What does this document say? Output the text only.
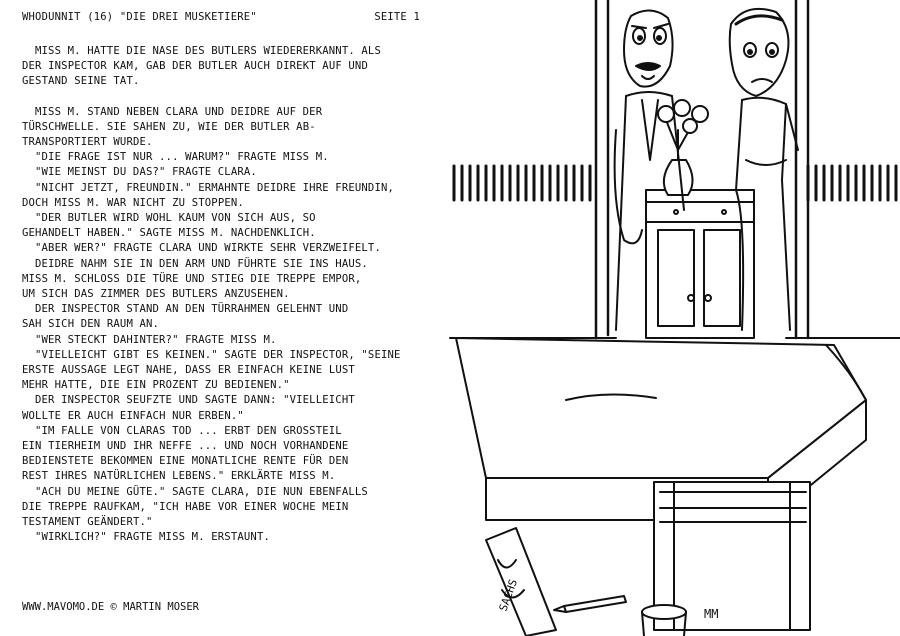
WHODUNNIT (16) "DIE DREI MUSKETIERE"	SEITE 1
MISS M. HATTE DIE NASE DES BUTLERS WIEDERERKANNT. ALS
DER INSPECTOR KAM, GAB DER BUTLER AUCH DIREKT AUF UND
GESTAND SEINE TAT.
MISS M. STAND NEBEN CLARA UND DEIDRE AUF DER
TÜRSCHWELLE. SIE SAHEN ZU, WIE DER BUTLER AB-
TRANSPORTIERT WURDE.
"DIE FRAGE IST NUR ... WARUM?" FRAGTE MISS M.
"WIE MEINST DU DAS?" FRAGTE CLARA.
"NICHT JETZT, FREUNDIN." ERMAHNTE DEIDRE IHRE FREUNDIN,
DOCH MISS M. WAR NICHT ZU STOPPEN.
"DER BUTLER WIRD WOHL KAUM VON SICH AUS, SO
GEHANDELT HABEN." SAGTE MISS M. NACHDENKLICH.
"ABER WER?" FRAGTE CLARA UND WIRKTE SEHR VERZWEIFELT.
DEIDRE NAHM SIE IN DEN ARM UND FÜHRTE SIE INS HAUS.
MISS M. SCHLOSS DIE TÜRE UND STIEG DIE TREPPE EMPOR,
UM SICH DAS ZIMMER DES BUTLERS ANZUSEHEN.
DER INSPECTOR STAND AN DEN TÜRRAHMEN GELEHNT UND
SAH SICH DEN RAUM AN.
"WER STECKT DAHINTER?" FRAGTE MISS M.
"VIELLEICHT GIBT ES KEINEN." SAGTE DER INSPECTOR, "SEINE
ERSTE AUSSAGE LEGT NAHE, DASS ER EINFACH KEINE LUST
MEHR HATTE, DIE EIN PROZENT ZU BEDIENEN."
DER INSPECTOR SEUFZTE UND SAGTE DANN: "VIELLEICHT
WOLLTE ER AUCH EINFACH NUR ERBEN."
"IM FALLE VON CLARAS TOD ... ERBT DEN GROSSTEIL
EIN TIERHEIM UND IHR NEFFE ... UND NOCH VORHANDENE
BEDIENSTETE BEKOMMEN EINE MONATLICHE RENTE FÜR DEN
REST IHRES NATÜRLICHEN LEBENS." ERKLÄRTE MISS M.
"ACH DU MEINE GÜTE." SAGTE CLARA, DIE NUN EBENFALLS
DIE TREPPE RAUFKAM, "ICH HABE VOR EINER WOCHE MEIN
TESTAMENT GEÄNDERT."
"WIRKLICH?" FRAGTE MISS M. ERSTAUNT.
WWW.MAVOMO.DE © MARTIN MOSER	SACHS
MM
